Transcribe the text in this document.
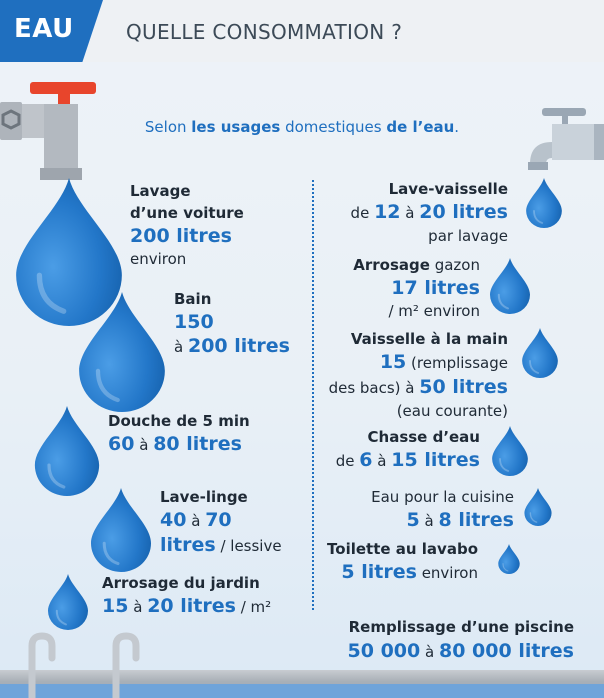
EAU	QUELLE CONSOMMATION ?
Selon les usages domestiques de l’eau.
Lavage
d’une voiture
200 litres
environ
Bain
150
à 200 litres
Douche de 5 min
60 à 80 litres
Lave-linge
40 à 70
litres / lessive
Arrosage du jardin
15 à 20 litres / m²
Lave-vaisselle
de 12 à 20 litres
par lavage
Arrosage gazon
17 litres
/ m² environ
Vaisselle à la main
15 (remplissage
des bacs) à 50 litres
(eau courante)
Chasse d’eau
de 6 à 15 litres
Eau pour la cuisine
5 à 8 litres
Toilette au lavabo
5 litres environ
Remplissage d’une piscine
50 000 à 80 000 litres
